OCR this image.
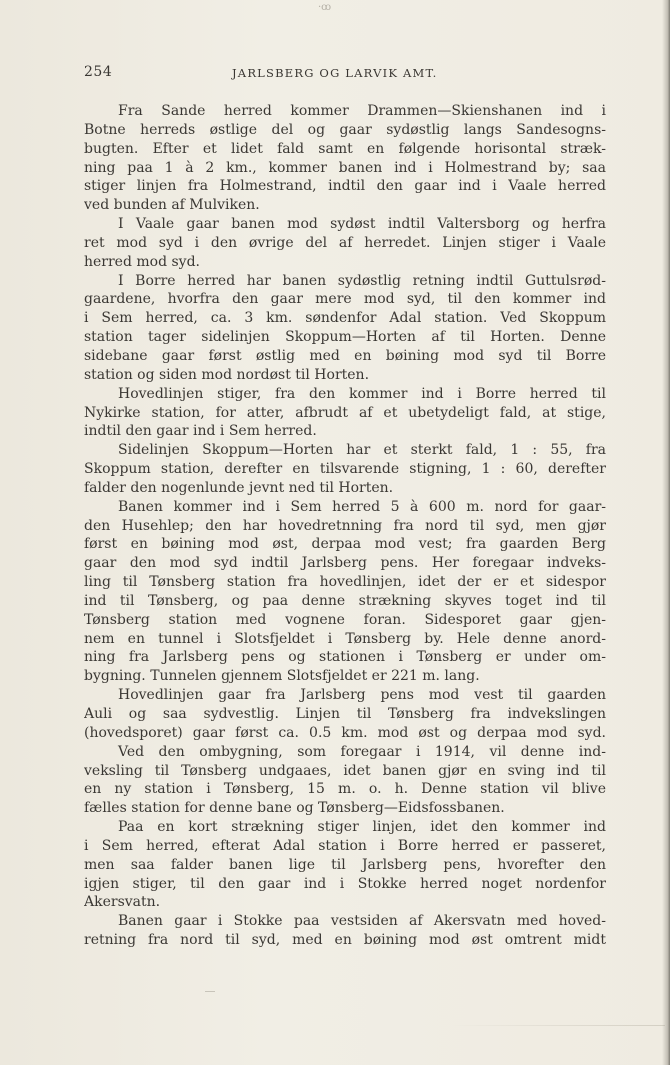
·ꝏ
254	JARLSBERG OG LARVIK AMT.
Fra Sande herred kommer Drammen—Skienshanen ind i
Botne herreds østlige del og gaar sydøstlig langs Sandesogns-
bugten. Efter et lidet fald samt en følgende horisontal stræk-
ning paa 1 à 2 km., kommer banen ind i Holmestrand by; saa
stiger linjen fra Holmestrand, indtil den gaar ind i Vaale herred
ved bunden af Mulviken.
I Vaale gaar banen mod sydøst indtil Valtersborg og herfra
ret mod syd i den øvrige del af herredet. Linjen stiger i Vaale
herred mod syd.
I Borre herred har banen sydøstlig retning indtil Guttulsrød-
gaardene, hvorfra den gaar mere mod syd, til den kommer ind
i Sem herred, ca. 3 km. søndenfor Adal station. Ved Skoppum
station tager sidelinjen Skoppum—Horten af til Horten. Denne
sidebane gaar først østlig med en bøining mod syd til Borre
station og siden mod nordøst til Horten.
Hovedlinjen stiger, fra den kommer ind i Borre herred til
Nykirke station, for atter, afbrudt af et ubetydeligt fald, at stige,
indtil den gaar ind i Sem herred.
Sidelinjen Skoppum—Horten har et sterkt fald, 1 : 55, fra
Skoppum station, derefter en tilsvarende stigning, 1 : 60, derefter
falder den nogenlunde jevnt ned til Horten.
Banen kommer ind i Sem herred 5 à 600 m. nord for gaar-
den Husehlep; den har hovedretnning fra nord til syd, men gjør
først en bøining mod øst, derpaa mod vest; fra gaarden Berg
gaar den mod syd indtil Jarlsberg pens. Her foregaar indveks-
ling til Tønsberg station fra hovedlinjen, idet der er et sidespor
ind til Tønsberg, og paa denne strækning skyves toget ind til
Tønsberg station med vognene foran. Sidesporet gaar gjen-
nem en tunnel i Slotsfjeldet i Tønsberg by. Hele denne anord-
ning fra Jarlsberg pens og stationen i Tønsberg er under om-
bygning. Tunnelen gjennem Slotsfjeldet er 221 m. lang.
Hovedlinjen gaar fra Jarlsberg pens mod vest til gaarden
Auli og saa sydvestlig. Linjen til Tønsberg fra indvekslingen
(hovedsporet) gaar først ca. 0.5 km. mod øst og derpaa mod syd.
Ved den ombygning, som foregaar i 1914, vil denne ind-
veksling til Tønsberg undgaaes, idet banen gjør en sving ind til
en ny station i Tønsberg, 15 m. o. h. Denne station vil blive
fælles station for denne bane og Tønsberg—Eidsfossbanen.
Paa en kort strækning stiger linjen, idet den kommer ind
i Sem herred, efterat Adal station i Borre herred er passeret,
men saa falder banen lige til Jarlsberg pens, hvorefter den
igjen stiger, til den gaar ind i Stokke herred noget nordenfor
Akersvatn.
Banen gaar i Stokke paa vestsiden af Akersvatn med hoved-
retning fra nord til syd, med en bøining mod øst omtrent midt
